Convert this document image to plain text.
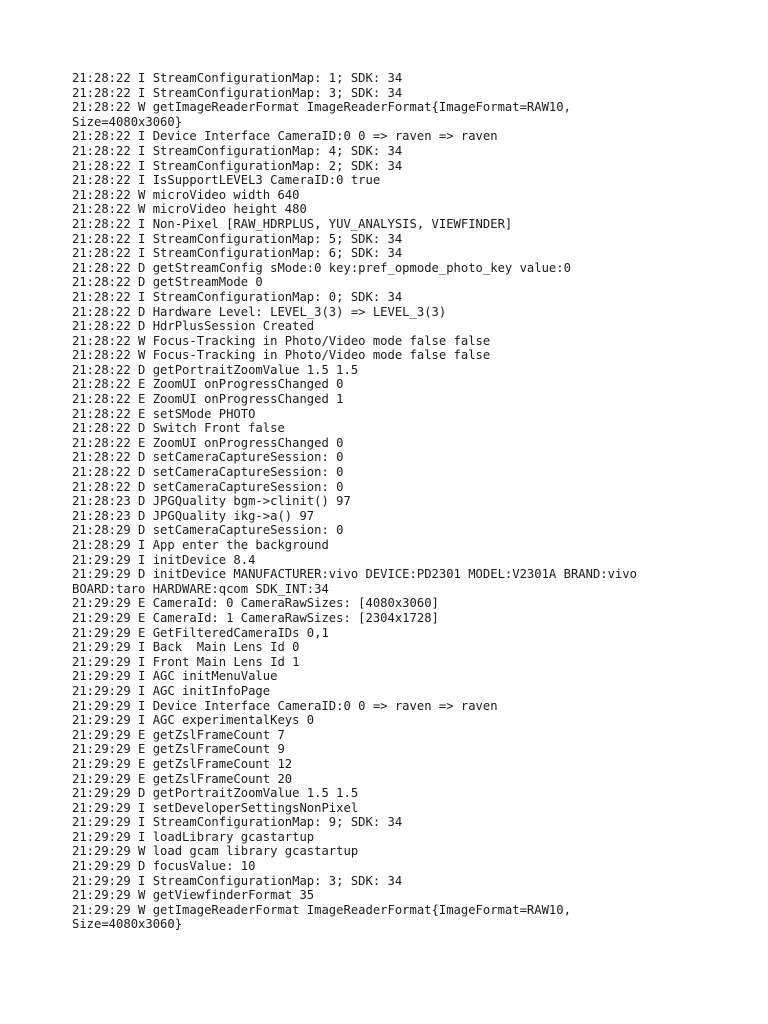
21:28:22 I StreamConfigurationMap: 1; SDK: 34
21:28:22 I StreamConfigurationMap: 3; SDK: 34
21:28:22 W getImageReaderFormat ImageReaderFormat{ImageFormat=RAW10,
Size=4080x3060}
21:28:22 I Device Interface CameraID:0 0 => raven => raven
21:28:22 I StreamConfigurationMap: 4; SDK: 34
21:28:22 I StreamConfigurationMap: 2; SDK: 34
21:28:22 I IsSupportLEVEL3 CameraID:0 true
21:28:22 W microVideo width 640
21:28:22 W microVideo height 480
21:28:22 I Non-Pixel [RAW_HDRPLUS, YUV_ANALYSIS, VIEWFINDER]
21:28:22 I StreamConfigurationMap: 5; SDK: 34
21:28:22 I StreamConfigurationMap: 6; SDK: 34
21:28:22 D getStreamConfig sMode:0 key:pref_opmode_photo_key value:0
21:28:22 D getStreamMode 0
21:28:22 I StreamConfigurationMap: 0; SDK: 34
21:28:22 D Hardware Level: LEVEL_3(3) => LEVEL_3(3)
21:28:22 D HdrPlusSession Created
21:28:22 W Focus-Tracking in Photo/Video mode false false
21:28:22 W Focus-Tracking in Photo/Video mode false false
21:28:22 D getPortraitZoomValue 1.5 1.5
21:28:22 E ZoomUI onProgressChanged 0
21:28:22 E ZoomUI onProgressChanged 1
21:28:22 E setSMode PHOTO
21:28:22 D Switch Front false
21:28:22 E ZoomUI onProgressChanged 0
21:28:22 D setCameraCaptureSession: 0
21:28:22 D setCameraCaptureSession: 0
21:28:22 D setCameraCaptureSession: 0
21:28:23 D JPGQuality bgm->clinit() 97
21:28:23 D JPGQuality ikg->a() 97
21:28:29 D setCameraCaptureSession: 0
21:28:29 I App enter the background
21:29:29 I initDevice 8.4
21:29:29 D initDevice MANUFACTURER:vivo DEVICE:PD2301 MODEL:V2301A BRAND:vivo
BOARD:taro HARDWARE:qcom SDK_INT:34
21:29:29 E CameraId: 0 CameraRawSizes: [4080x3060]
21:29:29 E CameraId: 1 CameraRawSizes: [2304x1728]
21:29:29 E GetFilteredCameraIDs 0,1
21:29:29 I Back  Main Lens Id 0
21:29:29 I Front Main Lens Id 1
21:29:29 I AGC initMenuValue
21:29:29 I AGC initInfoPage
21:29:29 I Device Interface CameraID:0 0 => raven => raven
21:29:29 I AGC experimentalKeys 0
21:29:29 E getZslFrameCount 7
21:29:29 E getZslFrameCount 9
21:29:29 E getZslFrameCount 12
21:29:29 E getZslFrameCount 20
21:29:29 D getPortraitZoomValue 1.5 1.5
21:29:29 I setDeveloperSettingsNonPixel
21:29:29 I StreamConfigurationMap: 9; SDK: 34
21:29:29 I loadLibrary gcastartup
21:29:29 W load gcam library gcastartup
21:29:29 D focusValue: 10
21:29:29 I StreamConfigurationMap: 3; SDK: 34
21:29:29 W getViewfinderFormat 35
21:29:29 W getImageReaderFormat ImageReaderFormat{ImageFormat=RAW10,
Size=4080x3060}
